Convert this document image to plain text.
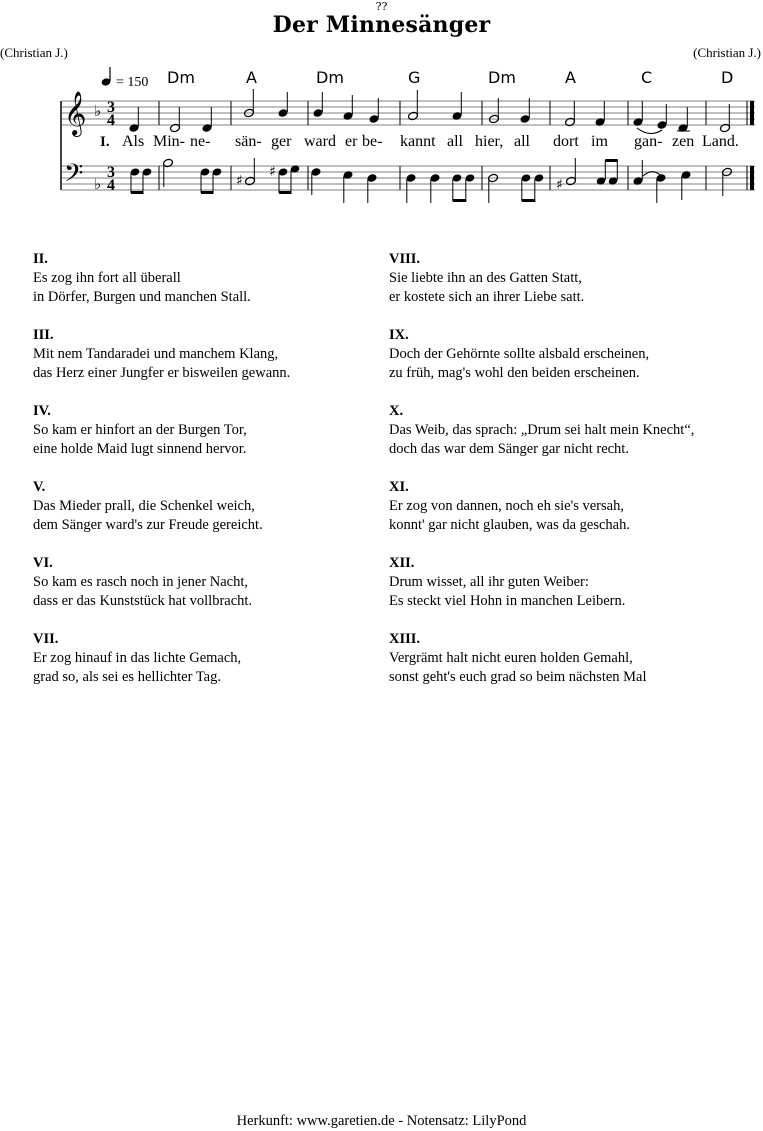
??
Der Minnesänger
(Christian J.)	(Christian J.)
𝄞 ♭ 3
4
= 150 Dm	A	Dm	G	Dm	A	C	D
I. Als Min- ne- sän- ger ward er be- kannt all hier, all dort im gan- zen Land.
𝄢 ♭
3
4	♯
♯
♯
II.
Es zog ihn fort all überall
in Dörfer, Burgen und manchen Stall.
III.
Mit nem Tandaradei und manchem Klang,
das Herz einer Jungfer er bisweilen gewann.
IV.
So kam er hinfort an der Burgen Tor,
eine holde Maid lugt sinnend hervor.
V.
Das Mieder prall, die Schenkel weich,
dem Sänger ward's zur Freude gereicht.
VI.
So kam es rasch noch in jener Nacht,
dass er das Kunststück hat vollbracht.
VII.
Er zog hinauf in das lichte Gemach,
grad so, als sei es hellichter Tag.
VIII.
Sie liebte ihn an des Gatten Statt,
er kostete sich an ihrer Liebe satt.
IX.
Doch der Gehörnte sollte alsbald erscheinen,
zu früh, mag's wohl den beiden erscheinen.
X.
Das Weib, das sprach: „Drum sei halt mein Knecht“,
doch das war dem Sänger gar nicht recht.
XI.
Er zog von dannen, noch eh sie's versah,
konnt' gar nicht glauben, was da geschah.
XII.
Drum wisset, all ihr guten Weiber:
Es steckt viel Hohn in manchen Leibern.
XIII.
Vergrämt halt nicht euren holden Gemahl,
sonst geht's euch grad so beim nächsten Mal
Herkunft: www.garetien.de - Notensatz: LilyPond
